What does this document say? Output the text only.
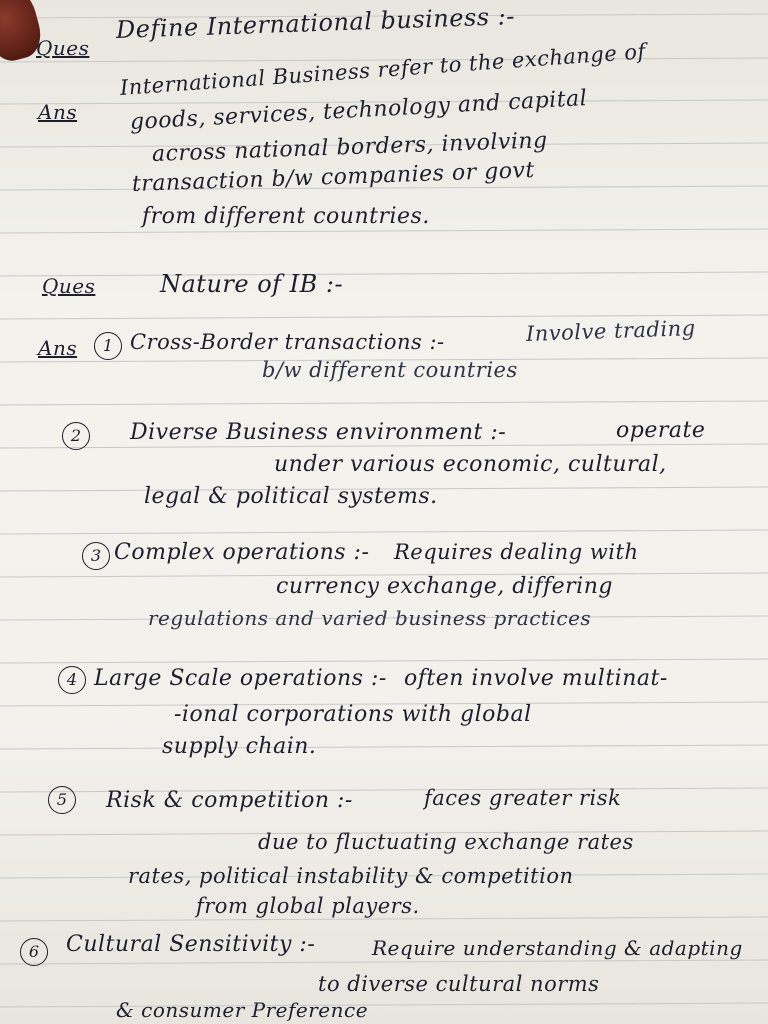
Ques
Define International business :-
Ans
International Business refer to the exchange of
goods, services, technology and capital
across national borders, involving
transaction b/w companies or govt
from different countries.
Ques	Nature of IB :-
Ans	1 Cross-Border transactions :-	Involve trading
b/w different countries
2	Diverse Business environment :-	operate
under various economic, cultural,
legal & political systems.
3 Complex operations :- Requires dealing with
currency exchange, differing
regulations and varied business practices
4 Large Scale operations :- often involve multinat-
-ional corporations with global
supply chain.
5	Risk & competition :-	faces greater risk
due to fluctuating exchange rates
rates, political instability & competition
from global players.
6	Cultural Sensitivity :-	Require understanding & adapting
to diverse cultural norms
& consumer Preference
